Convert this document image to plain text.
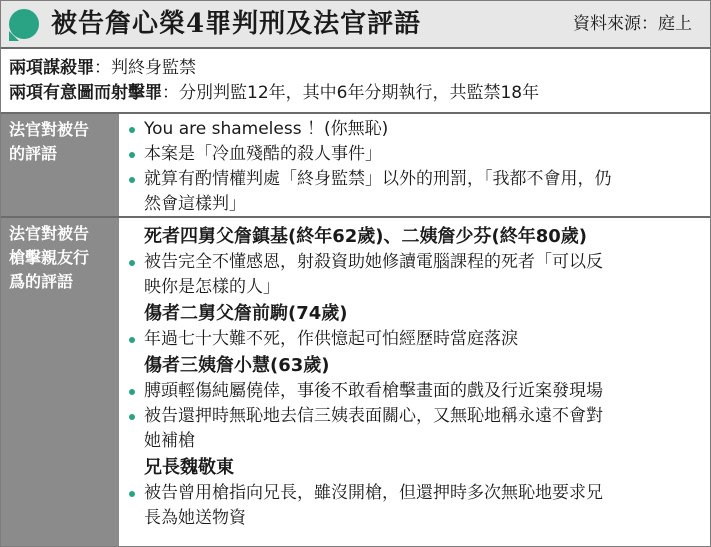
被告詹心榮4罪判刑及法官評語	資料來源：庭上
兩項謀殺罪：判終身監禁
兩項有意圖而射擊罪：分別判監12年，其中6年分期執行，共監禁18年
法官對被告
的評語
You are shameless ！(你無恥)
本案是「冷血殘酷的殺人事件」
就算有酌情權判處「終身監禁」以外的刑罰，「我都不會用，仍
然會這樣判」
法官對被告
槍擊親友行
爲的評語
死者四舅父詹鎮基(終年62歲)、二姨詹少芬(終年80歲)
被告完全不懂感恩，射殺資助她修讀電腦課程的死者「可以反
映你是怎樣的人」
傷者二舅父詹前駒(74歲)
年過七十大難不死，作供憶起可怕經歷時當庭落淚
傷者三姨詹小慧(63歲)
膊頭輕傷純屬僥倖，事後不敢看槍擊畫面的戲及行近案發現場
被告還押時無恥地去信三姨表面關心，又無恥地稱永遠不會對
她補槍
兄長魏敬東
被告曾用槍指向兄長，雖沒開槍，但還押時多次無恥地要求兄
長為她送物資
